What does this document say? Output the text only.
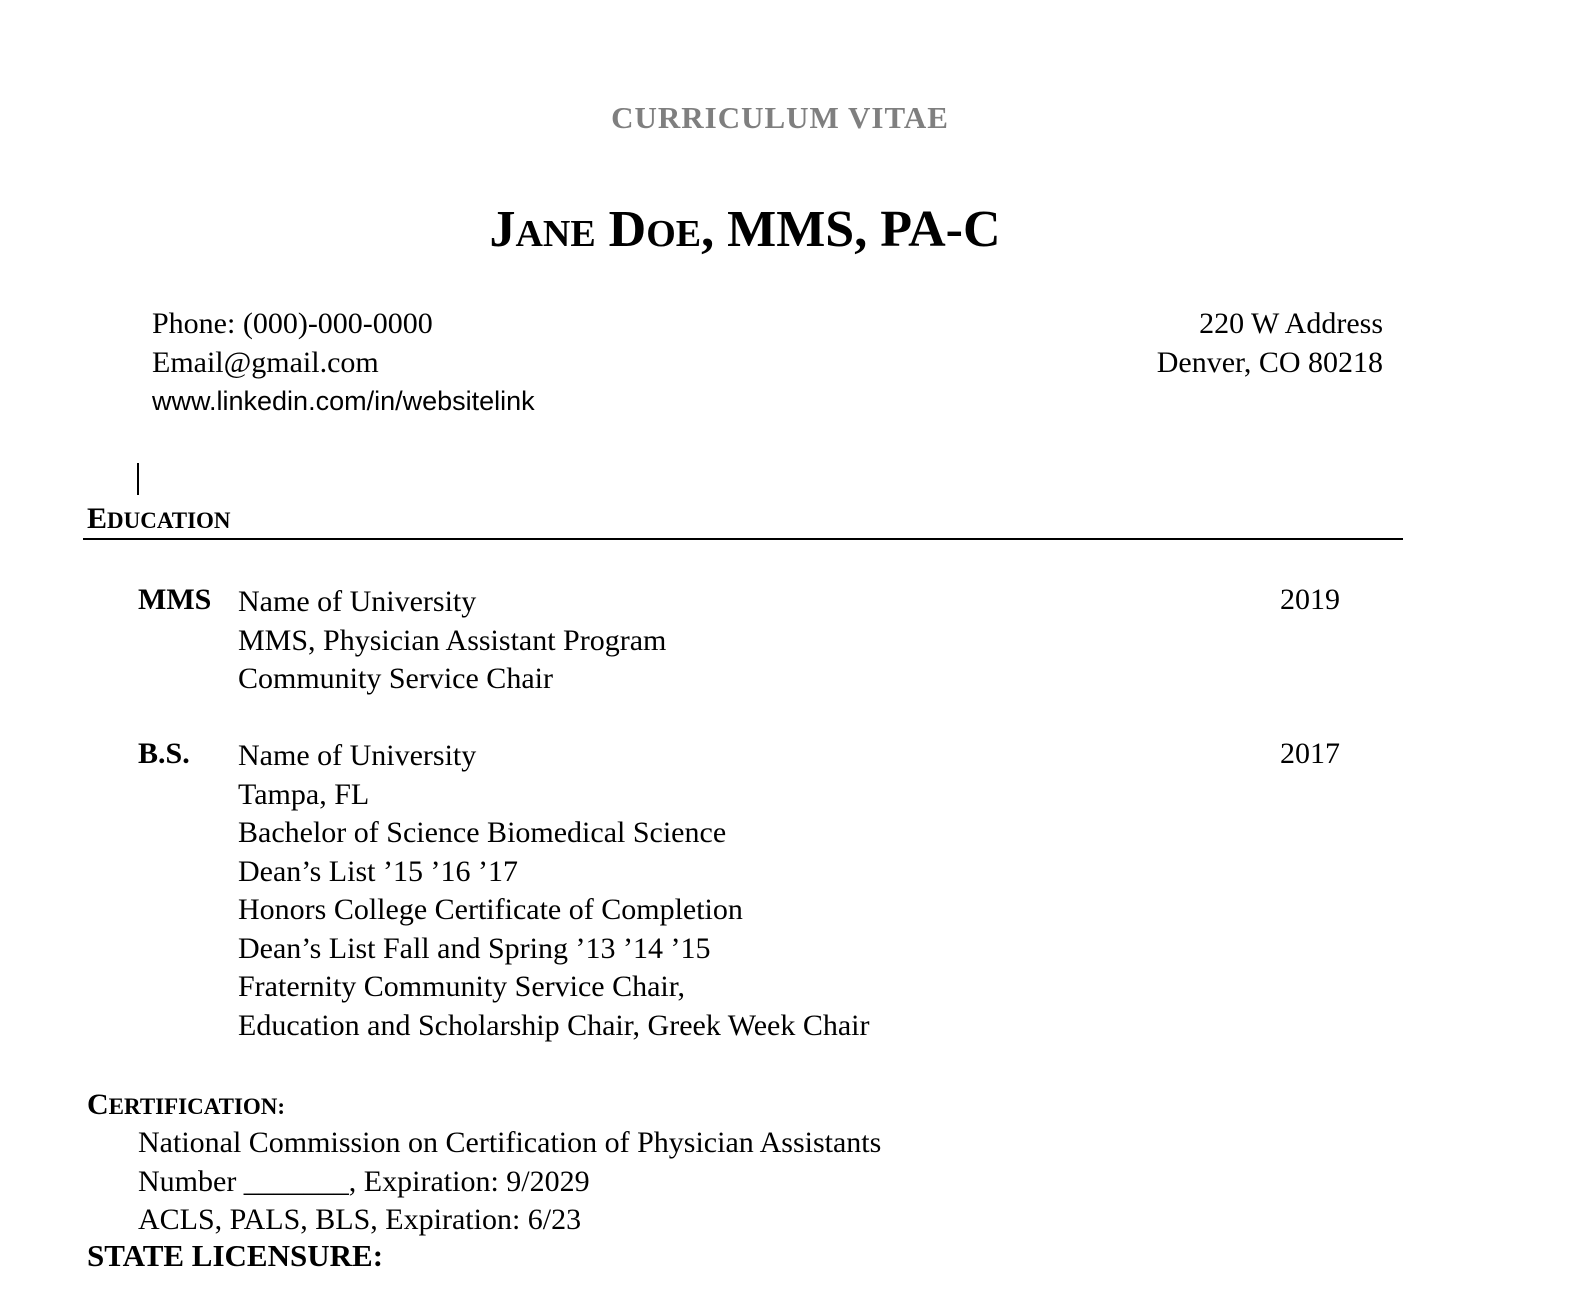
CURRICULUM VITAE
JANE DOE, MMS, PA-C
Phone: (000)-000-0000
Email@gmail.com
www.linkedin.com/in/websitelink
220 W Address
Denver, CO 80218
EDUCATION
MMS Name of University
MMS, Physician Assistant Program
Community Service Chair
2019
B.S. Name of University
Tampa, FL
Bachelor of Science Biomedical Science
Dean’s List ’15 ’16 ’17
Honors College Certificate of Completion
Dean’s List Fall and Spring ’13 ’14 ’15
Fraternity Community Service Chair,
Education and Scholarship Chair, Greek Week Chair
2017
CERTIFICATION:
National Commission on Certification of Physician Assistants
Number _______, Expiration: 9/2029
ACLS, PALS, BLS, Expiration: 6/23
STATE LICENSURE:
